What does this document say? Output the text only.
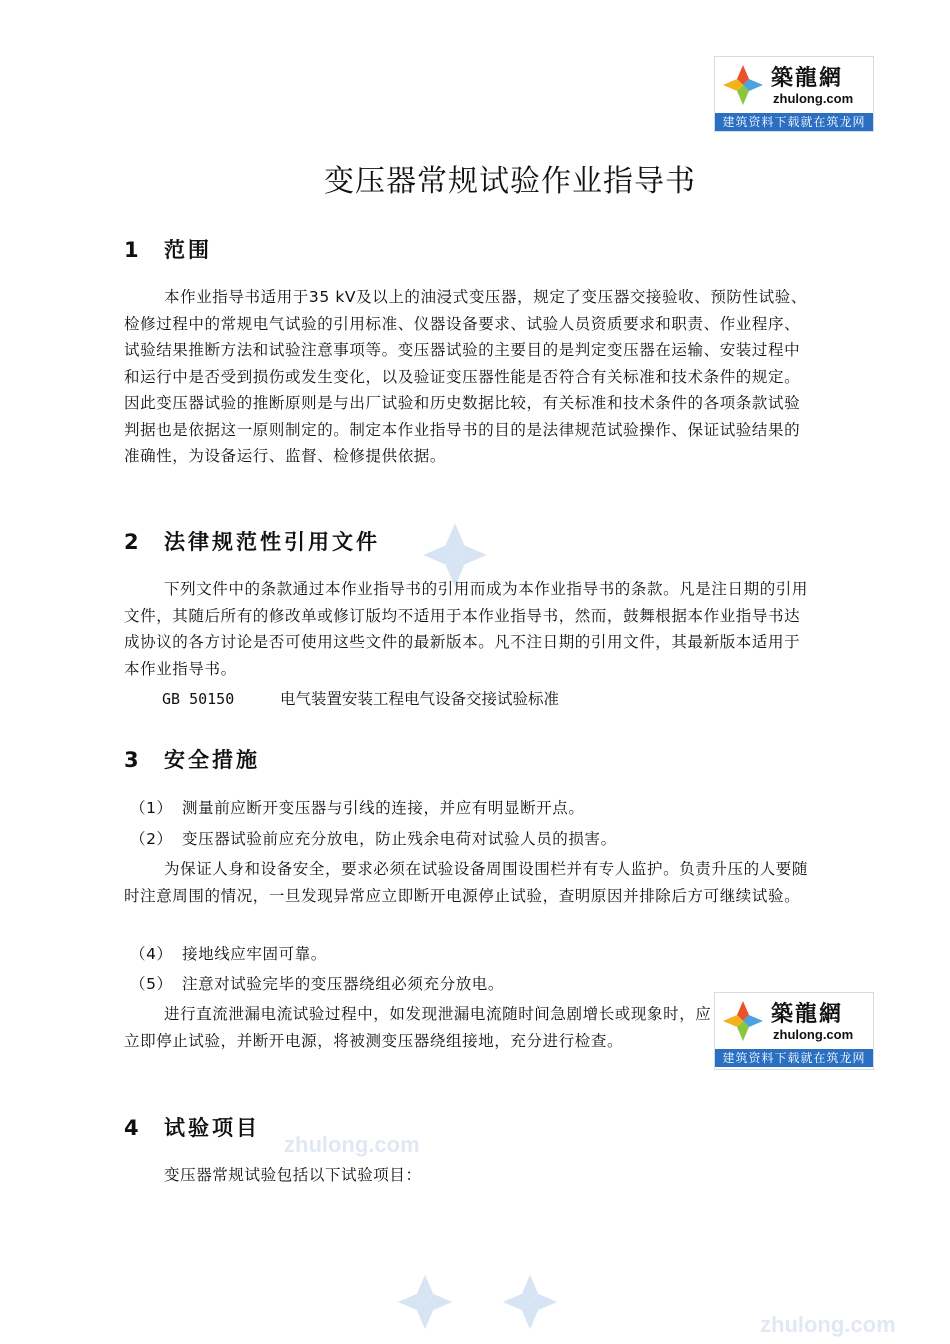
築龍網
zhulong.com
建筑资料下载就在筑龙网
变压器常规试验作业指导书
1 范围
本作业指导书适用于35 kV及以上的油浸式变压器，规定了变压器交接验收、预防性试验、检修过程中的常规电气试验的引用标准、仪器设备要求、试验人员资质要求和职责、作业程序、试验结果推断方法和试验注意事项等。变压器试验的主要目的是判定变压器在运输、安装过程中和运行中是否受到损伤或发生变化，以及验证变压器性能是否符合有关标准和技术条件的规定。因此变压器试验的推断原则是与出厂试验和历史数据比较，有关标准和技术条件的各项条款试验判据也是依据这一原则制定的。制定本作业指导书的目的是法律规范试验操作、保证试验结果的准确性，为设备运行、监督、检修提供依据。
2 法律规范性引用文件
下列文件中的条款通过本作业指导书的引用而成为本作业指导书的条款。凡是注日期的引用文件，其随后所有的修改单或修订版均不适用于本作业指导书，然而，鼓舞根据本作业指导书达成协议的各方讨论是否可使用这些文件的最新版本。凡不注日期的引用文件，其最新版本适用于本作业指导书。
GB 50150	电气装置安装工程电气设备交接试验标准
3 安全措施
（1） 测量前应断开变压器与引线的连接，并应有明显断开点。
（2） 变压器试验前应充分放电，防止残余电荷对试验人员的损害。
为保证人身和设备安全，要求必须在试验设备周围设围栏并有专人监护。负责升压的人要随时注意周围的情况，一旦发现异常应立即断开电源停止试验，查明原因并排除后方可继续试验。
（4） 接地线应牢固可靠。
（5） 注意对试验完毕的变压器绕组必须充分放电。
进行直流泄漏电流试验过程中，如发现泄漏电流随时间急剧增长或现象时，应立即停止试验，并断开电源，将被测变压器绕组接地，充分进行检查。
築龍網
zhulong.com
建筑资料下载就在筑龙网
4 试验项目
变压器常规试验包括以下试验项目：
zhulong.com
zhulong.com
